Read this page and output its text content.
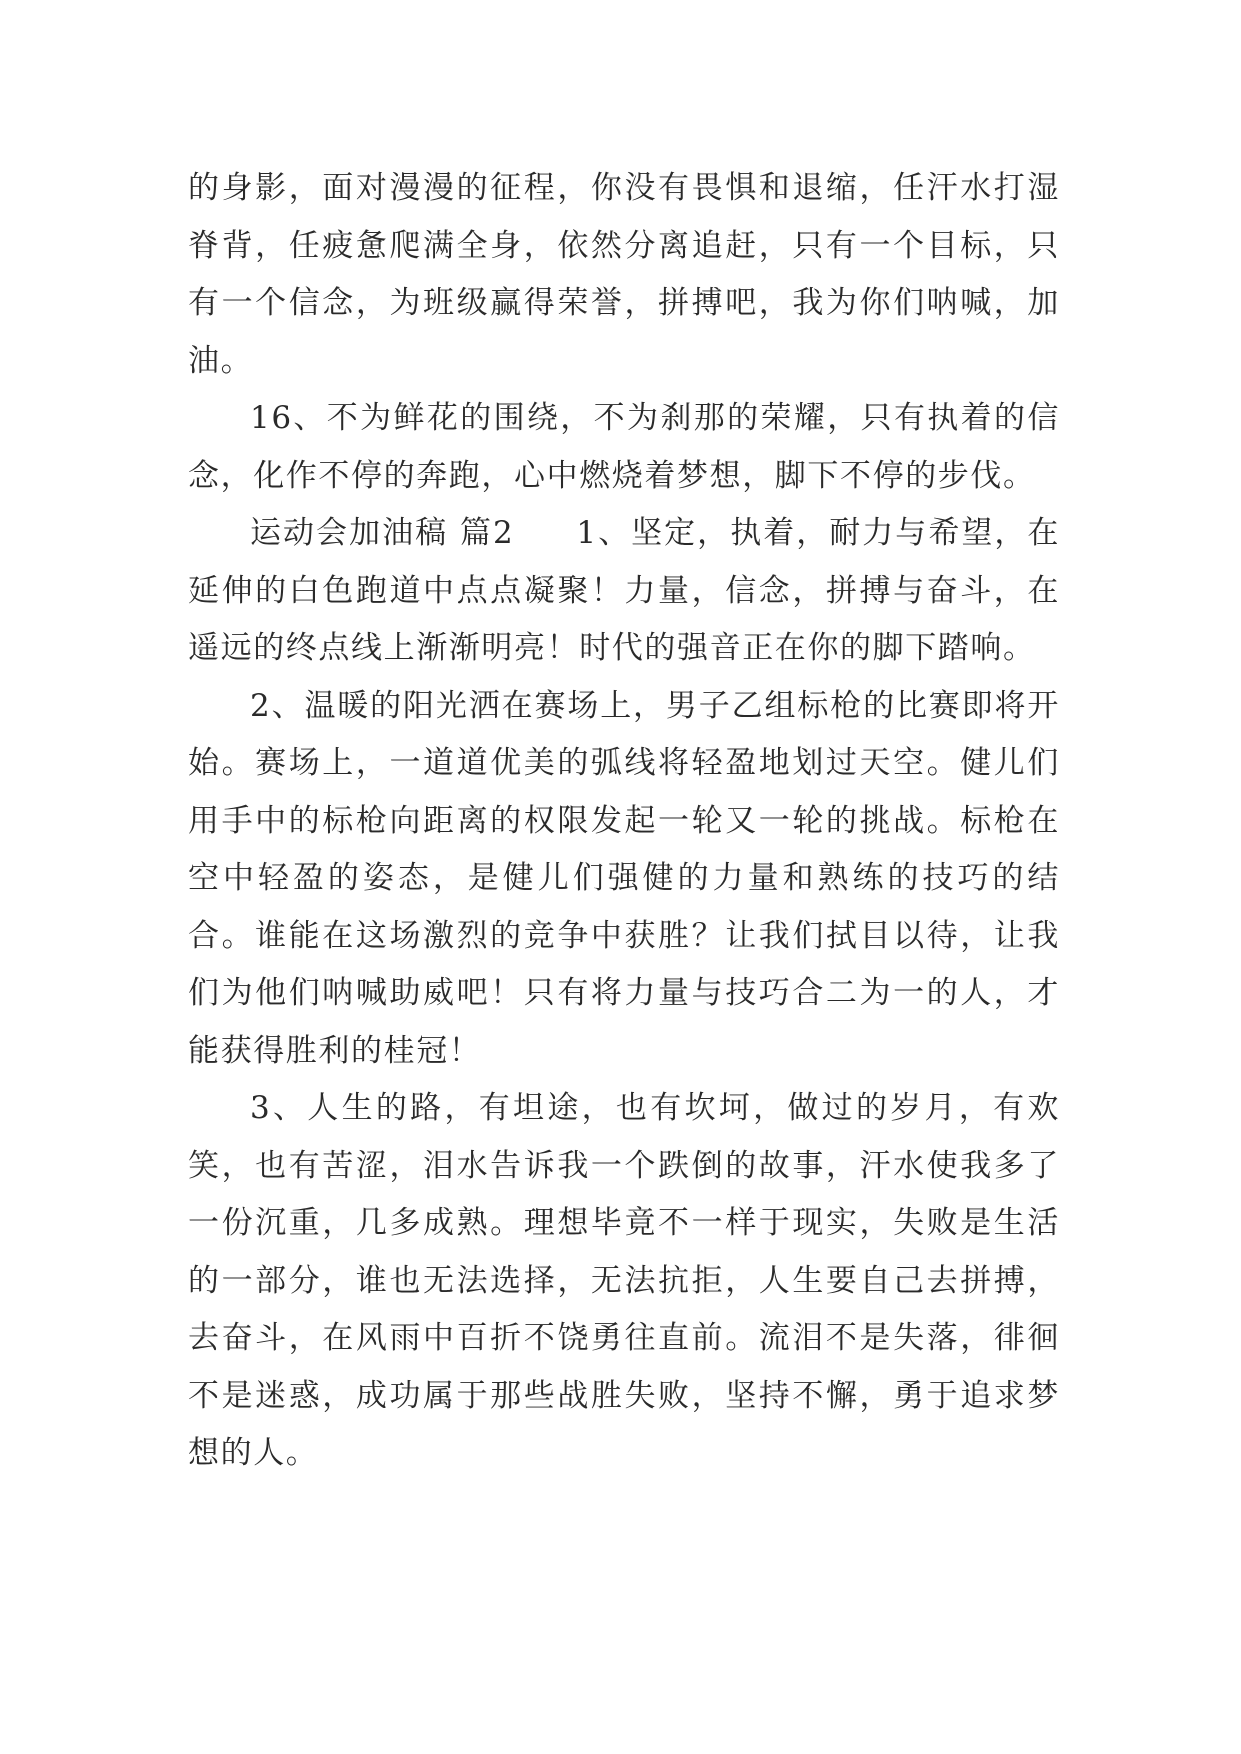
的身影，面对漫漫的征程，你没有畏惧和退缩，任汗水打湿脊背，任疲惫爬满全身，依然分离追赶，只有一个目标，只有一个信念，为班级赢得荣誉，拼搏吧，我为你们呐喊，加油。

16、不为鲜花的围绕，不为刹那的荣耀，只有执着的信念，化作不停的奔跑，心中燃烧着梦想，脚下不停的步伐。

运动会加油稿 篇2 1、坚定，执着，耐力与希望，在延伸的白色跑道中点点凝聚！力量，信念，拼搏与奋斗，在遥远的终点线上渐渐明亮！时代的强音正在你的脚下踏响。

2、温暖的阳光洒在赛场上，男子乙组标枪的比赛即将开始。赛场上，一道道优美的弧线将轻盈地划过天空。健儿们用手中的标枪向距离的权限发起一轮又一轮的挑战。标枪在空中轻盈的姿态，是健儿们强健的力量和熟练的技巧的结合。谁能在这场激烈的竞争中获胜？让我们拭目以待，让我们为他们呐喊助威吧！只有将力量与技巧合二为一的人，才能获得胜利的桂冠！

3、人生的路，有坦途，也有坎坷，做过的岁月，有欢笑，也有苦涩，泪水告诉我一个跌倒的故事，汗水使我多了一份沉重，几多成熟。理想毕竟不一样于现实，失败是生活的一部分，谁也无法选择，无法抗拒，人生要自己去拼搏，去奋斗，在风雨中百折不饶勇往直前。流泪不是失落，徘徊不是迷惑，成功属于那些战胜失败，坚持不懈，勇于追求梦想的人。
